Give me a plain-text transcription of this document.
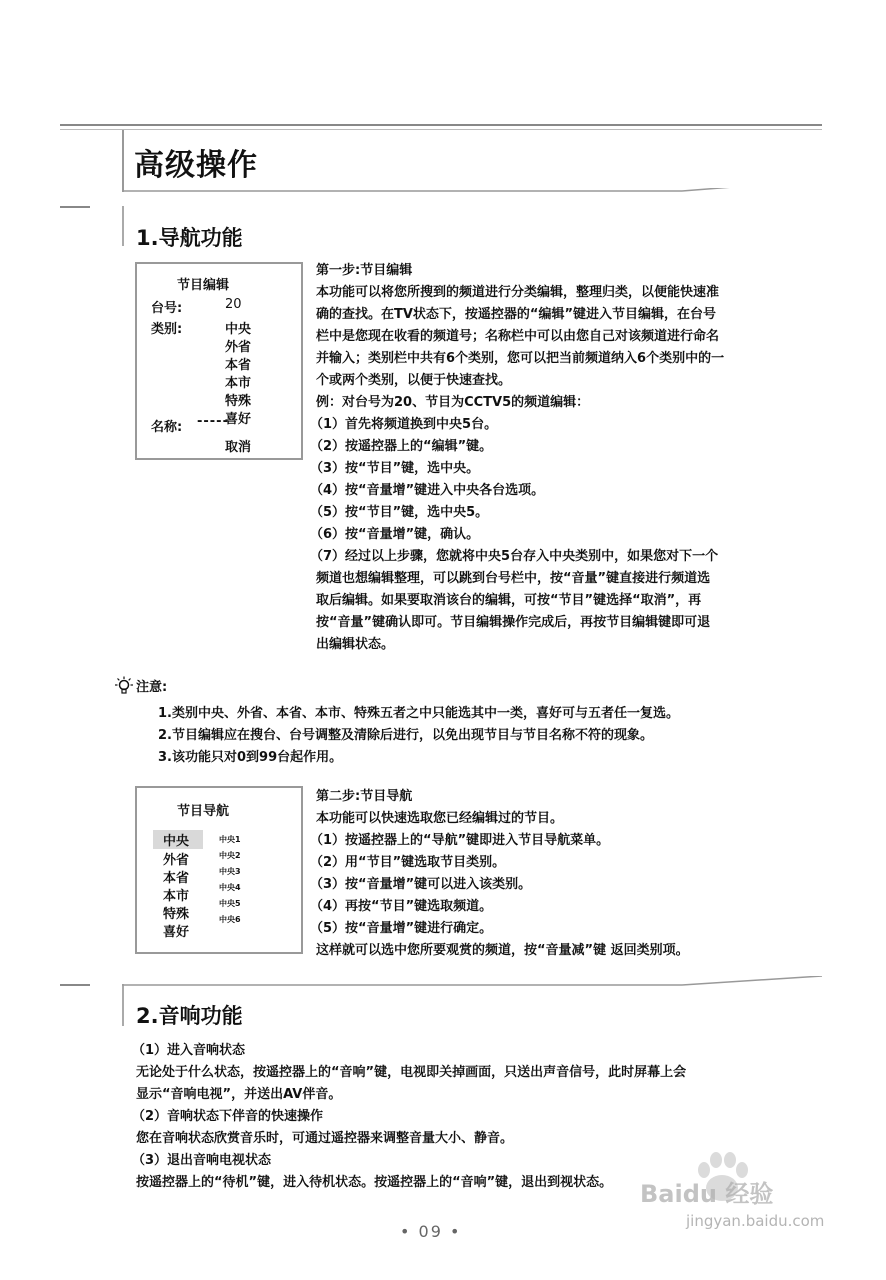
高级操作
1.导航功能
节目编辑
台号:	20
类别:	中央
外省
本省
本市
特殊
喜好
名称: -----
取消
第一步:节目编辑
本功能可以将您所搜到的频道进行分类编辑，整理归类，以便能快速准
确的查找。在TV状态下，按遥控器的“编辑”键进入节目编辑，在台号
栏中是您现在收看的频道号；名称栏中可以由您自己对该频道进行命名
并输入；类别栏中共有6个类别，您可以把当前频道纳入6个类别中的一
个或两个类别，以便于快速查找。
例：对台号为20、节目为CCTV5的频道编辑：
（1）首先将频道换到中央5台。
（2）按遥控器上的“编辑”键。
（3）按“节目”键，选中央。
（4）按“音量增”键进入中央各台选项。
（5）按“节目”键，选中央5。
（6）按“音量增”键，确认。
（7）经过以上步骤，您就将中央5台存入中央类别中，如果您对下一个
频道也想编辑整理，可以跳到台号栏中，按“音量”键直接进行频道选
取后编辑。如果要取消该台的编辑，可按“节目”键选择“取消”，再
按“音量”键确认即可。节目编辑操作完成后，再按节目编辑键即可退
出编辑状态。
注意:
1.类别中央、外省、本省、本市、特殊五者之中只能选其中一类，喜好可与五者任一复选。
2.节目编辑应在搜台、台号调整及清除后进行，以免出现节目与节目名称不符的现象。
3.该功能只对0到99台起作用。
节目导航
中央
外省
本省
本市
特殊
喜好
中央1
中央2
中央3
中央4
中央5
中央6
第二步:节目导航
本功能可以快速选取您已经编辑过的节目。
（1）按遥控器上的“导航”键即进入节目导航菜单。
（2）用“节目”键选取节目类别。
（3）按“音量增”键可以进入该类别。
（4）再按“节目”键选取频道。
（5）按“音量增”键进行确定。
这样就可以选中您所要观赏的频道，按“音量减”键 返回类别项。
2.音响功能
（1）进入音响状态
无论处于什么状态，按遥控器上的“音响”键，电视即关掉画面，只送出声音信号，此时屏幕上会
显示“音响电视”，并送出AV伴音。
（2）音响状态下伴音的快速操作
您在音响状态欣赏音乐时，可通过遥控器来调整音量大小、静音。
（3）退出音响电视状态
按遥控器上的“待机”键，进入待机状态。按遥控器上的“音响”键，退出到视状态。
• 09 •
Baidu 经验
jingyan.baidu.com
